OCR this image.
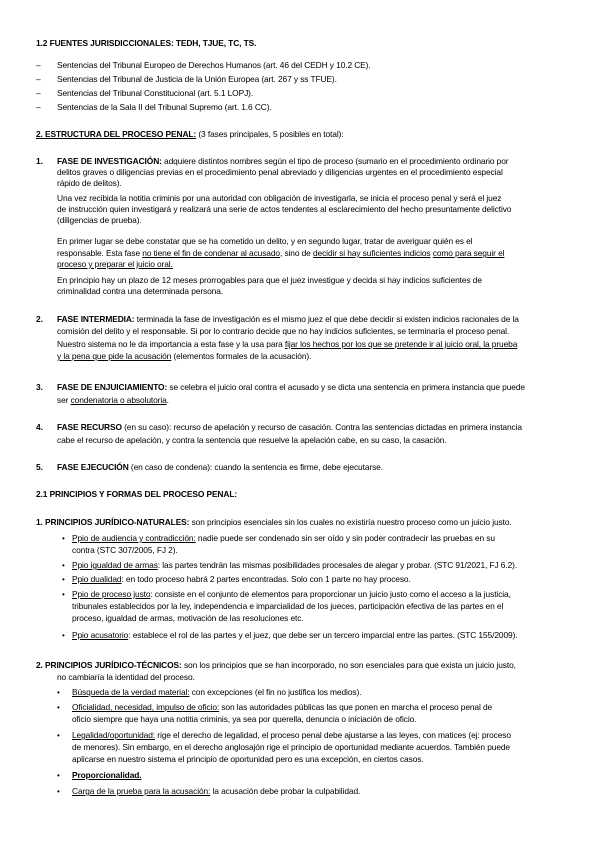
1.2 FUENTES JURISDICCIONALES: TEDH, TJUE, TC, TS.
– Sentencias del Tribunal Europeo de Derechos Humanos (art. 46 del CEDH y 10.2 CE).
– Sentencias del Tribunal de Justicia de la Unión Europea (art. 267 y ss TFUE).
– Sentencias del Tribunal Constitucional (art. 5.1 LOPJ).
– Sentencias de la Sala II del Tribunal Supremo (art. 1.6 CC).
2. ESTRUCTURA DEL PROCESO PENAL: (3 fases principales, 5 posibles en total):
1. FASE DE INVESTIGACIÓN: adquiere distintos nombres según el tipo de proceso (sumario en el procedimiento ordinario por
delitos graves o diligencias previas en el procedimiento penal abreviado y diligencias urgentes en el procedimiento especial
rápido de delitos).
Una vez recibida la notitia criminis por una autoridad con obligación de investigarla, se inicia el proceso penal y será el juez
de instrucción quien investigará y realizará una serie de actos tendentes al esclarecimiento del hecho presuntamente delictivo
(diligencias de prueba).
En primer lugar se debe constatar que se ha cometido un delito, y en segundo lugar, tratar de averiguar quién es el
responsable. Esta fase no tiene el fin de condenar al acusado, sino de decidir si hay suficientes indicios como para seguir el
proceso y preparar el juicio oral.
En principio hay un plazo de 12 meses prorrogables para que el juez investigue y decida si hay indicios suficientes de
criminalidad contra una determinada persona.
2. FASE INTERMEDIA: terminada la fase de investigación es el mismo juez el que debe decidir si existen indicios racionales de la
comisión del delito y el responsable. Si por lo contrario decide que no hay indicios suficientes, se terminaría el proceso penal.
Nuestro sistema no le da importancia a esta fase y la usa para fijar los hechos por los que se pretende ir al juicio oral, la prueba
y la pena que pide la acusación (elementos formales de la acusación).
3. FASE DE ENJUICIAMIENTO: se celebra el juicio oral contra el acusado y se dicta una sentencia en primera instancia que puede
ser condenatoria o absolutoria.
4. FASE RECURSO (en su caso): recurso de apelación y recurso de casación. Contra las sentencias dictadas en primera instancia
cabe el recurso de apelación, y contra la sentencia que resuelve la apelación cabe, en su caso, la casación.
5. FASE EJECUCIÓN (en caso de condena): cuando la sentencia es firme, debe ejecutarse.
2.1 PRINCIPIOS Y FORMAS DEL PROCESO PENAL:
1. PRINCIPIOS JURÍDICO-NATURALES: son principios esenciales sin los cuales no existiría nuestro proceso como un juicio justo.
• Ppio de audiencia y contradicción: nadie puede ser condenado sin ser oído y sin poder contradecir las pruebas en su
contra (STC 307/2005, FJ 2).
• Ppio igualdad de armas: las partes tendrán las mismas posibilidades procesales de alegar y probar. (STC 91/2021, FJ 6.2).
• Ppio dualidad: en todo proceso habrá 2 partes encontradas. Solo con 1 parte no hay proceso.
• Ppio de proceso justo: consiste en el conjunto de elementos para proporcionar un juicio justo como el acceso a la justicia,
tribunales establecidos por la ley, independencia e imparcialidad de los jueces, participación efectiva de las partes en el
proceso, igualdad de armas, motivación de las resoluciones etc.
• Ppio acusatorio: establece el rol de las partes y el juez, que debe ser un tercero imparcial entre las partes. (STC 155/2009).
2. PRINCIPIOS JURÍDICO-TÉCNICOS: son los principios que se han incorporado, no son esenciales para que exista un juicio justo,
no cambiaría la identidad del proceso.
• Búsqueda de la verdad material: con excepciones (el fin no justifica los medios).
• Oficialidad, necesidad, impulso de oficio: son las autoridades públicas las que ponen en marcha el proceso penal de
oficio siempre que haya una notitia criminis, ya sea por querella, denuncia o iniciación de oficio.
• Legalidad/oportunidad: rige el derecho de legalidad, el proceso penal debe ajustarse a las leyes, con matices (ej: proceso
de menores). Sin embargo, en el derecho anglosajón rige el principio de oportunidad mediante acuerdos. También puede
aplicarse en nuestro sistema el principio de oportunidad pero es una excepción, en ciertos casos.
• Proporcionalidad.
• Carga de la prueba para la acusación: la acusación debe probar la culpabilidad.
